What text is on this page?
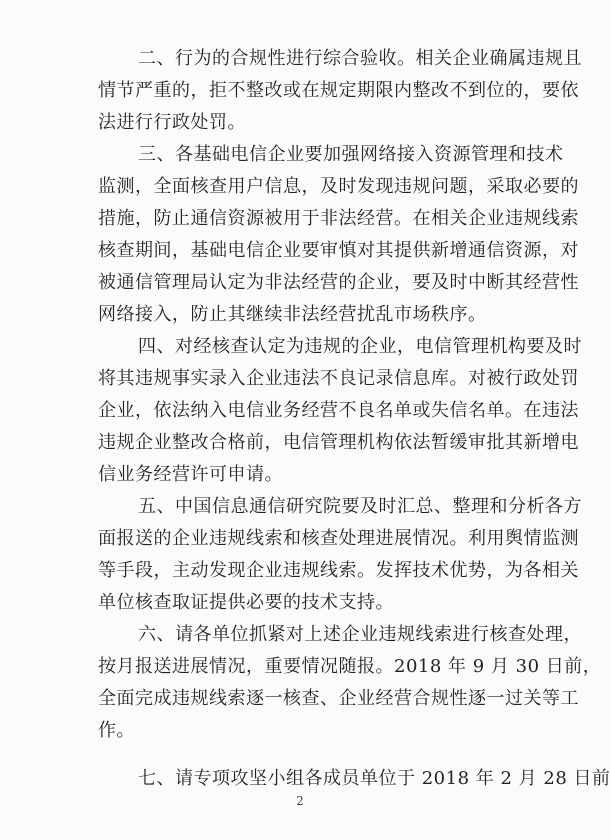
二、行为的合规性进行综合验收。相关企业确属违规且
情节严重的，拒不整改或在规定期限内整改不到位的，要依
法进行行政处罚。
三、各基础电信企业要加强网络接入资源管理和技术
监测，全面核查用户信息，及时发现违规问题，采取必要的
措施，防止通信资源被用于非法经营。在相关企业违规线索
核查期间，基础电信企业要审慎对其提供新增通信资源，对
被通信管理局认定为非法经营的企业，要及时中断其经营性
网络接入，防止其继续非法经营扰乱市场秩序。
四、对经核查认定为违规的企业，电信管理机构要及时
将其违规事实录入企业违法不良记录信息库。对被行政处罚
企业，依法纳入电信业务经营不良名单或失信名单。在违法
违规企业整改合格前，电信管理机构依法暂缓审批其新增电
信业务经营许可申请。
五、中国信息通信研究院要及时汇总、整理和分析各方
面报送的企业违规线索和核查处理进展情况。利用舆情监测
等手段，主动发现企业违规线索。发挥技术优势，为各相关
单位核查取证提供必要的技术支持。
六、请各单位抓紧对上述企业违规线索进行核查处理，
按月报送进展情况，重要情况随报。2018 年 9 月 30 日前，
全面完成违规线索逐一核查、企业经营合规性逐一过关等工
作。
七、请专项攻坚小组各成员单位于 2018 年 2 月 28 日前
2
